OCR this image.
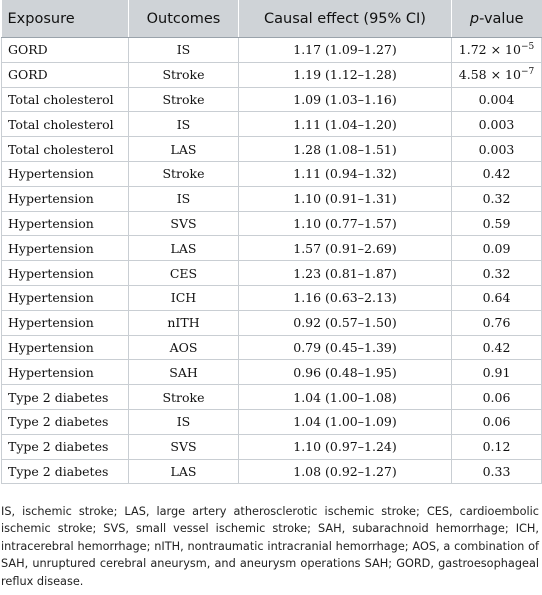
Exposure	Outcomes	Causal effect (95% CI)	p-value
GORD	IS	1.17 (1.09–1.27)	$1.72 \times 10^{-5}$
GORD	Stroke	1.19 (1.12–1.28)	$4.58 \times 10^{-7}$
Total cholesterol	Stroke	1.09 (1.03–1.16)	0.004
Total cholesterol	IS	1.11 (1.04–1.20)	0.003
Total cholesterol	LAS	1.28 (1.08–1.51)	0.003
Hypertension	Stroke	1.11 (0.94–1.32)	0.42
Hypertension	IS	1.10 (0.91–1.31)	0.32
Hypertension	SVS	1.10 (0.77–1.57)	0.59
Hypertension	LAS	1.57 (0.91–2.69)	0.09
Hypertension	CES	1.23 (0.81–1.87)	0.32
Hypertension	ICH	1.16 (0.63–2.13)	0.64
Hypertension	nITH	0.92 (0.57–1.50)	0.76
Hypertension	AOS	0.79 (0.45–1.39)	0.42
Hypertension	SAH	0.96 (0.48–1.95)	0.91
Type 2 diabetes	Stroke	1.04 (1.00–1.08)	0.06
Type 2 diabetes	IS	1.04 (1.00–1.09)	0.06
Type 2 diabetes	SVS	1.10 (0.97–1.24)	0.12
Type 2 diabetes	LAS	1.08 (0.92–1.27)	0.33
IS, ischemic stroke; LAS, large artery atherosclerotic ischemic stroke; CES, cardioembolic ischemic stroke; SVS, small vessel ischemic stroke; SAH, subarachnoid hemorrhage; ICH, intracerebral hemorrhage; nITH, nontraumatic intracranial hemorrhage; AOS, a combination of SAH, unruptured cerebral aneurysm, and aneurysm operations SAH; GORD, gastroesophageal reflux disease.
